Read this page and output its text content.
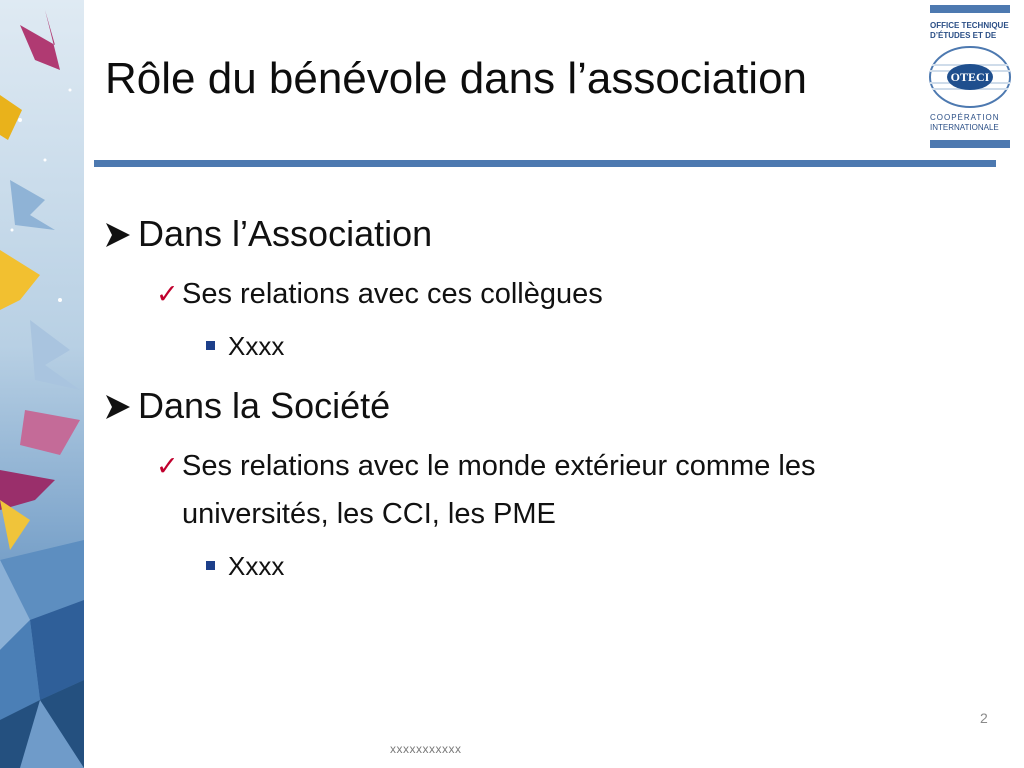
Rôle du bénévole dans l’association
OFFICE TECHNIQUE
D’ÉTUDES ET DE
OTECI
COOPÉRATION
INTERNATIONALE
Dans l’Association
✓ Ses relations avec ces collègues
Xxxx
Dans la Société
✓ Ses relations avec le monde extérieur comme les universités, les CCI, les PME
Xxxx
2
xxxxxxxxxxx
